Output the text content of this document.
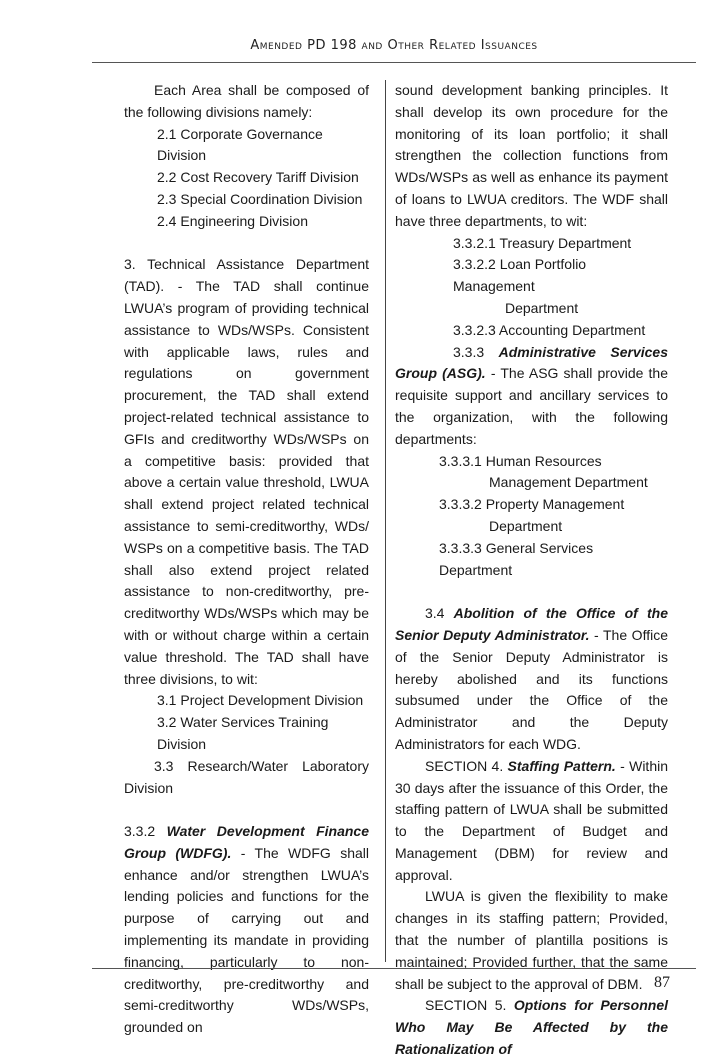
Amended PD 198 and Other Related Issuances

Each Area shall be composed of the following divisions namely:

2.1 Corporate Governance Division
2.2 Cost Recovery Tariff Division
2.3 Special Coordination Division
2.4 Engineering Division

3. Technical Assistance Department (TAD). - The TAD shall continue LWUA’s program of providing technical assistance to WDs/WSPs. Consistent with applicable laws, rules and regulations on government procurement, the TAD shall extend project-related technical assistance to GFIs and creditworthy WDs/WSPs on a competitive basis: provided that above a certain value threshold, LWUA shall extend project related technical assistance to semi-creditworthy, WDs/ WSPs on a competitive basis. The TAD shall also extend project related assistance to non-creditworthy, pre-creditworthy WDs/WSPs which may be with or without charge within a certain value threshold. The TAD shall have three divisions, to wit:

3.1 Project Development Division
3.2 Water Services Training Division

3.3 Research/Water Laboratory Division

3.3.2 Water Development Finance Group (WDFG). - The WDFG shall enhance and/or strengthen LWUA’s lending policies and functions for the purpose of carrying out and implementing its mandate in providing financing, particularly to non-creditworthy, pre-creditworthy and semi-creditworthy WDs/WSPs, grounded on

sound development banking principles. It shall develop its own procedure for the monitoring of its loan portfolio; it shall strengthen the collection functions from WDs/WSPs as well as enhance its payment of loans to LWUA creditors. The WDF shall have three departments, to wit:

3.3.2.1 Treasury Department
3.3.2.2 Loan Portfolio Management
Department
3.3.2.3 Accounting Department

3.3.3 Administrative Services Group (ASG). - The ASG shall provide the requisite support and ancillary services to the organization, with the following departments:

3.3.3.1 Human Resources
Management Department
3.3.3.2 Property Management
Department
3.3.3.3 General Services Department

3.4 Abolition of the Office of the Senior Deputy Administrator. - The Office of the Senior Deputy Administrator is hereby abolished and its functions subsumed under the Office of the Administrator and the Deputy Administrators for each WDG.

SECTION 4. Staffing Pattern. - Within 30 days after the issuance of this Order, the staffing pattern of LWUA shall be submitted to the Department of Budget and Management (DBM) for review and approval.

LWUA is given the flexibility to make changes in its staffing pattern; Provided, that the number of plantilla positions is maintained; Provided further, that the same shall be subject to the approval of DBM.

SECTION 5. Options for Personnel Who May Be Affected by the Rationalization of

87
